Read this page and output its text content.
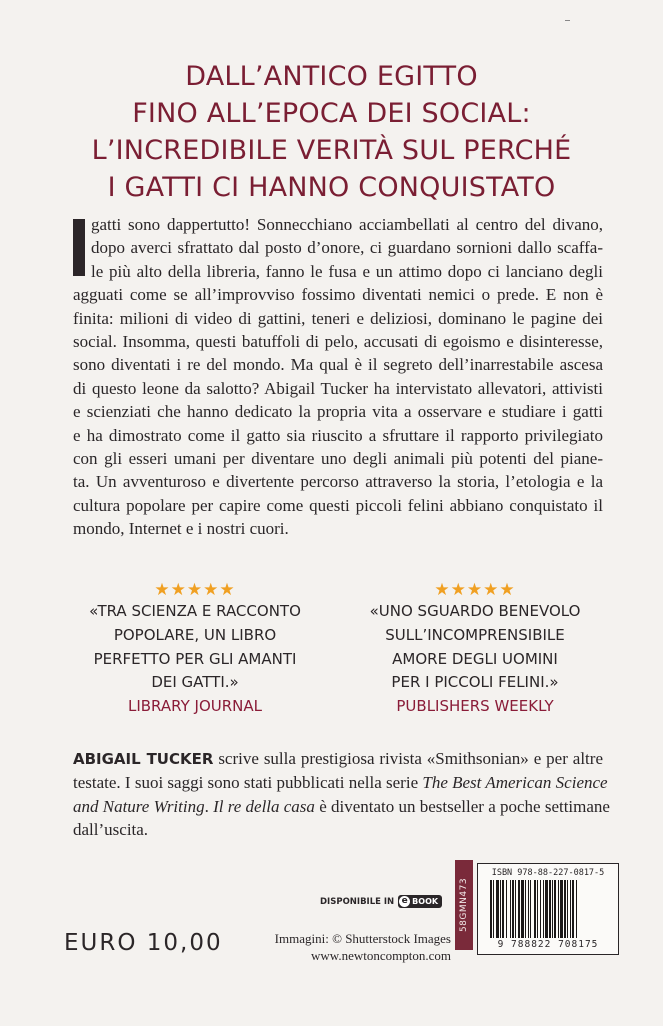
DALL’ANTICO EGITTO
FINO ALL’EPOCA DEI SOCIAL:
L’INCREDIBILE VERITÀ SUL PERCHÉ
I GATTI CI HANNO CONQUISTATO
gatti sono dappertutto! Sonnecchiano acciambellati al centro del divano,
dopo averci sfrattato dal posto d’onore, ci guardano sornioni dallo scaffa-
le più alto della libreria, fanno le fusa e un attimo dopo ci lanciano degli
agguati come se all’improvviso fossimo diventati nemici o prede. E non è
finita: milioni di video di gattini, teneri e deliziosi, dominano le pagine dei
social. Insomma, questi batuffoli di pelo, accusati di egoismo e disinteresse,
sono diventati i re del mondo. Ma qual è il segreto dell’inarrestabile ascesa
di questo leone da salotto? Abigail Tucker ha intervistato allevatori, attivisti
e scienziati che hanno dedicato la propria vita a osservare e studiare i gatti
e ha dimostrato come il gatto sia riuscito a sfruttare il rapporto privilegiato
con gli esseri umani per diventare uno degli animali più potenti del piane-
ta. Un avventuroso e divertente percorso attraverso la storia, l’etologia e la
cultura popolare per capire come questi piccoli felini abbiano conquistato il
mondo, Internet e i nostri cuori.
★★★★★
«TRA SCIENZA E RACCONTO
POPOLARE, UN LIBRO
PERFETTO PER GLI AMANTI
DEI GATTI.»
LIBRARY JOURNAL
★★★★★
«UNO SGUARDO BENEVOLO
SULL’INCOMPRENSIBILE
AMORE DEGLI UOMINI
PER I PICCOLI FELINI.»
PUBLISHERS WEEKLY
ABIGAIL TUCKER scrive sulla prestigiosa rivista «Smithsonian» e per altre
testate. I suoi saggi sono stati pubblicati nella serie The Best American Science
and Nature Writing. Il re della casa è diventato un bestseller a poche settimane
dall’uscita.
DISPONIBILE IN e BOOK
EURO 10,00	Immagini: © Shutterstock Images
www.newtoncompton.com
58GMN473
ISBN 978-88-227-0817-5
9 788822 708175
